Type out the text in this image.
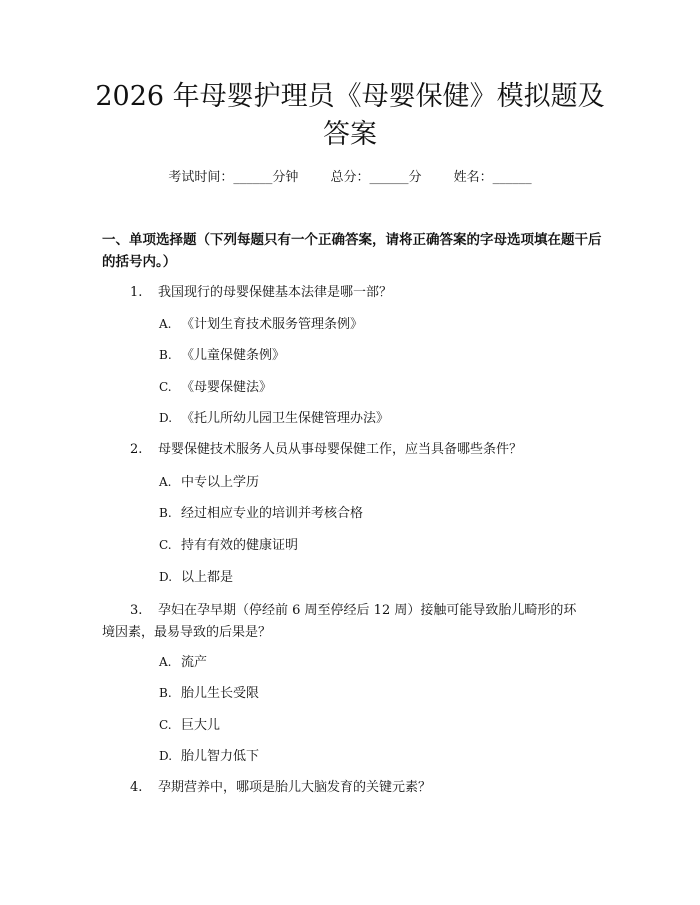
2026 年母婴护理员《母婴保健》模拟题及答案
考试时间：______分钟 总分：______分 姓名：______
一、单项选择题（下列每题只有一个正确答案，请将正确答案的字母选项填在题干后的括号内。）
1. 我国现行的母婴保健基本法律是哪一部？
A. 《计划生育技术服务管理条例》
B. 《儿童保健条例》
C. 《母婴保健法》
D. 《托儿所幼儿园卫生保健管理办法》
2. 母婴保健技术服务人员从事母婴保健工作，应当具备哪些条件？
A. 中专以上学历
B. 经过相应专业的培训并考核合格
C. 持有有效的健康证明
D. 以上都是
3. 孕妇在孕早期（停经前 6 周至停经后 12 周）接触可能导致胎儿畸形的环
境因素，最易导致的后果是？
A. 流产
B. 胎儿生长受限
C. 巨大儿
D. 胎儿智力低下
4. 孕期营养中，哪项是胎儿大脑发育的关键元素？
